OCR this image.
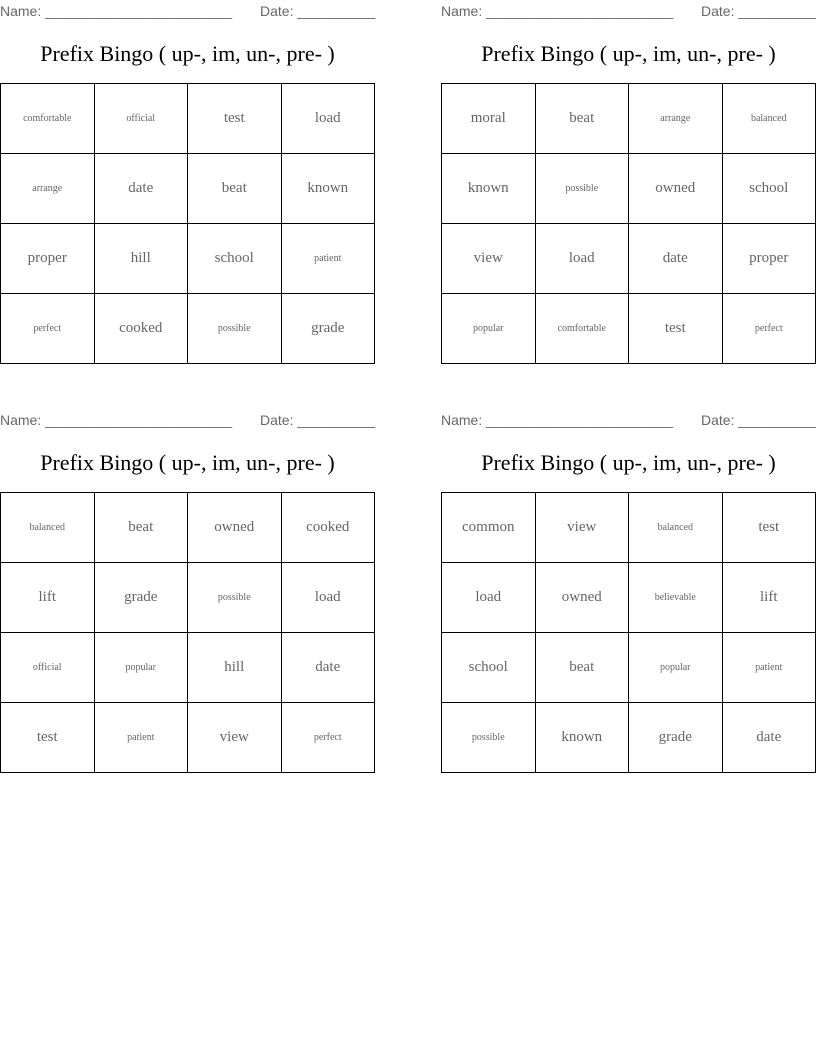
Name: ________________________ Date: __________
Prefix Bingo ( up-, im, un-, pre- )
comfortable	official	test	load
arrange	date	beat	known
proper	hill	school	patient
perfect	cooked	possible	grade
Name: ________________________ Date: __________
Prefix Bingo ( up-, im, un-, pre- )
moral	beat	arrange	balanced
known	possible	owned	school
view	load	date	proper
popular	comfortable	test	perfect
Name: ________________________ Date: __________
Prefix Bingo ( up-, im, un-, pre- )
balanced	beat	owned	cooked
lift	grade	possible	load
official	popular	hill	date
test	patient	view	perfect
Name: ________________________ Date: __________
Prefix Bingo ( up-, im, un-, pre- )
common	view	balanced	test
load	owned	believable	lift
school	beat	popular	patient
possible	known	grade	date
